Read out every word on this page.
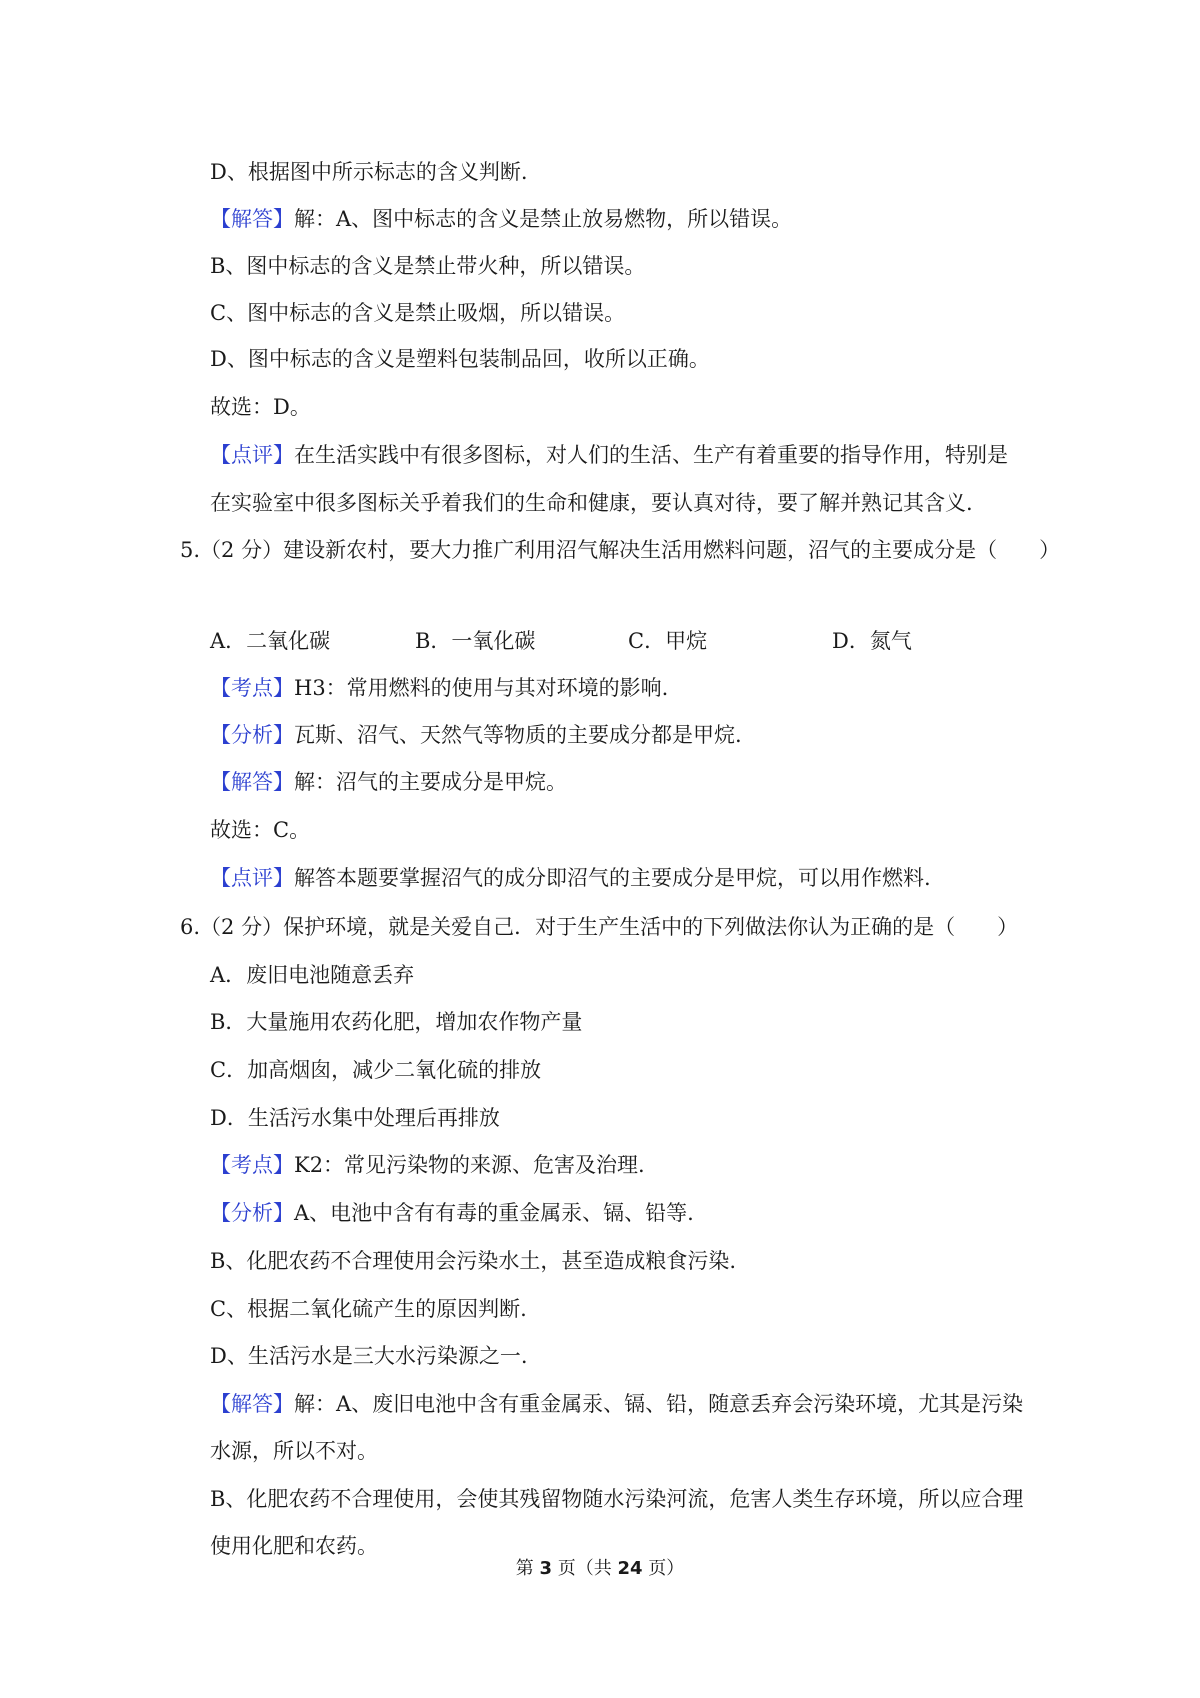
D、根据图中所示标志的含义判断.

【解答】解：A、图中标志的含义是禁止放易燃物，所以错误。

B、图中标志的含义是禁止带火种，所以错误。

C、图中标志的含义是禁止吸烟，所以错误。

D、图中标志的含义是塑料包装制品回，收所以正确。

故选：D。

【点评】在生活实践中有很多图标，对人们的生活、生产有着重要的指导作用，特别是

在实验室中很多图标关乎着我们的生命和健康，要认真对待，要了解并熟记其含义.

5.（2 分）建设新农村，要大力推广利用沼气解决生活用燃料问题，沼气的主要成分是（　　）

A．二氧化碳	B．一氧化碳	C．甲烷	D．氮气

【考点】H3：常用燃料的使用与其对环境的影响.

【分析】瓦斯、沼气、天然气等物质的主要成分都是甲烷.

【解答】解：沼气的主要成分是甲烷。

故选：C。

【点评】解答本题要掌握沼气的成分即沼气的主要成分是甲烷，可以用作燃料.

6.（2 分）保护环境，就是关爱自己．对于生产生活中的下列做法你认为正确的是（　　）

A．废旧电池随意丢弃

B．大量施用农药化肥，增加农作物产量

C．加高烟囱，减少二氧化硫的排放

D．生活污水集中处理后再排放

【考点】K2：常见污染物的来源、危害及治理.

【分析】A、电池中含有有毒的重金属汞、镉、铅等.

B、化肥农药不合理使用会污染水土，甚至造成粮食污染.

C、根据二氧化硫产生的原因判断.

D、生活污水是三大水污染源之一.

【解答】解：A、废旧电池中含有重金属汞、镉、铅，随意丢弃会污染环境，尤其是污染

水源，所以不对。

B、化肥农药不合理使用，会使其残留物随水污染河流，危害人类生存环境，所以应合理

使用化肥和农药。

第 3 页（共 24 页）
